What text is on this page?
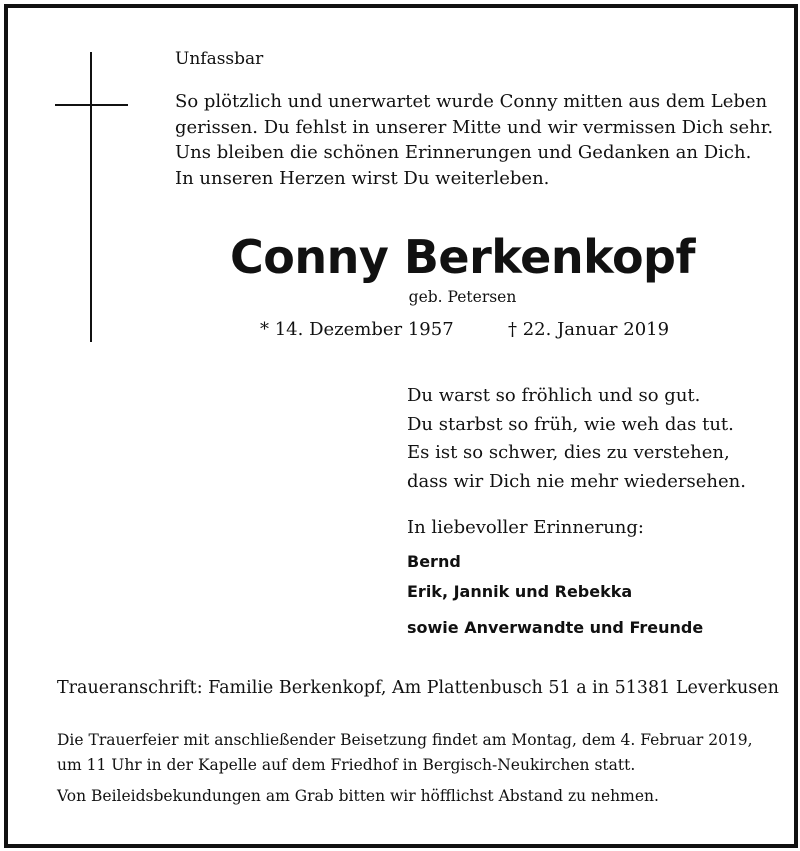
Unfassbar
So plötzlich und unerwartet wurde Conny mitten aus dem Leben
gerissen. Du fehlst in unserer Mitte und wir vermissen Dich sehr.
Uns bleiben die schönen Erinnerungen und Gedanken an Dich.
In unseren Herzen wirst Du weiterleben.
Conny Berkenkopf
geb. Petersen
* 14. Dezember 1957	† 22. Januar 2019
Du warst so fröhlich und so gut.
Du starbst so früh, wie weh das tut.
Es ist so schwer, dies zu verstehen,
dass wir Dich nie mehr wiedersehen.
In liebevoller Erinnerung:
Bernd
Erik, Jannik und Rebekka
sowie Anverwandte und Freunde
Traueranschrift: Familie Berkenkopf, Am Plattenbusch 51 a in 51381 Leverkusen
Die Trauerfeier mit anschließender Beisetzung findet am Montag, dem 4. Februar 2019,
um 11 Uhr in der Kapelle auf dem Friedhof in Bergisch-Neukirchen statt.
Von Beileidsbekundungen am Grab bitten wir höfflichst Abstand zu nehmen.
